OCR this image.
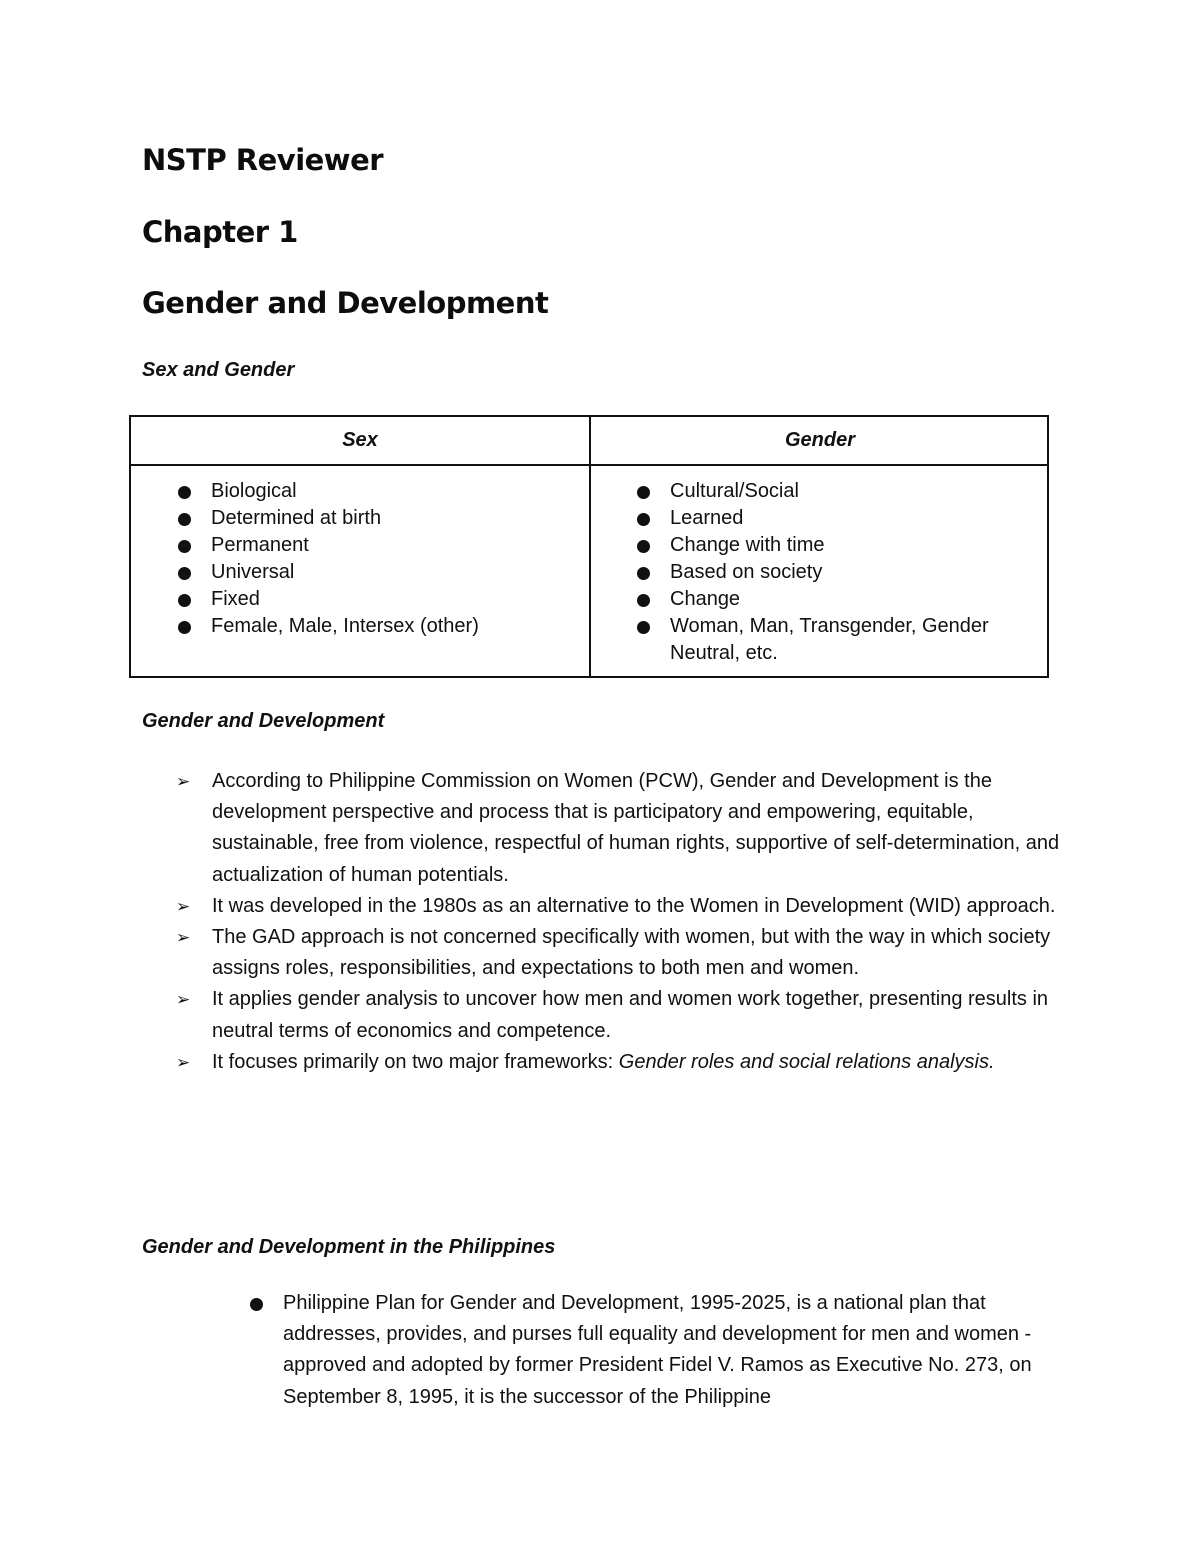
NSTP Reviewer
Chapter 1
Gender and Development
Sex and Gender
Sex	Gender
Biological
Determined at birth
Permanent
Universal
Fixed
Female, Male, Intersex (other)
Cultural/Social
Learned
Change with time
Based on society
Change
Woman, Man, Transgender, Gender Neutral, etc.
Gender and Development
➢ According to Philippine Commission on Women (PCW), Gender and Development is the development perspective and process that is participatory and empowering, equitable, sustainable, free from violence, respectful of human rights, supportive of self-determination, and actualization of human potentials.
➢ It was developed in the 1980s as an alternative to the Women in Development (WID) approach.
➢ The GAD approach is not concerned specifically with women, but with the way in which society assigns roles, responsibilities, and expectations to both men and women.
➢ It applies gender analysis to uncover how men and women work together, presenting results in neutral terms of economics and competence.
➢ It focuses primarily on two major frameworks: Gender roles and social relations analysis.
Gender and Development in the Philippines
Philippine Plan for Gender and Development, 1995-2025, is a national plan that addresses, provides, and purses full equality and development for men and women - approved and adopted by former President Fidel V. Ramos as Executive No. 273, on September 8, 1995, it is the successor of the Philippine
